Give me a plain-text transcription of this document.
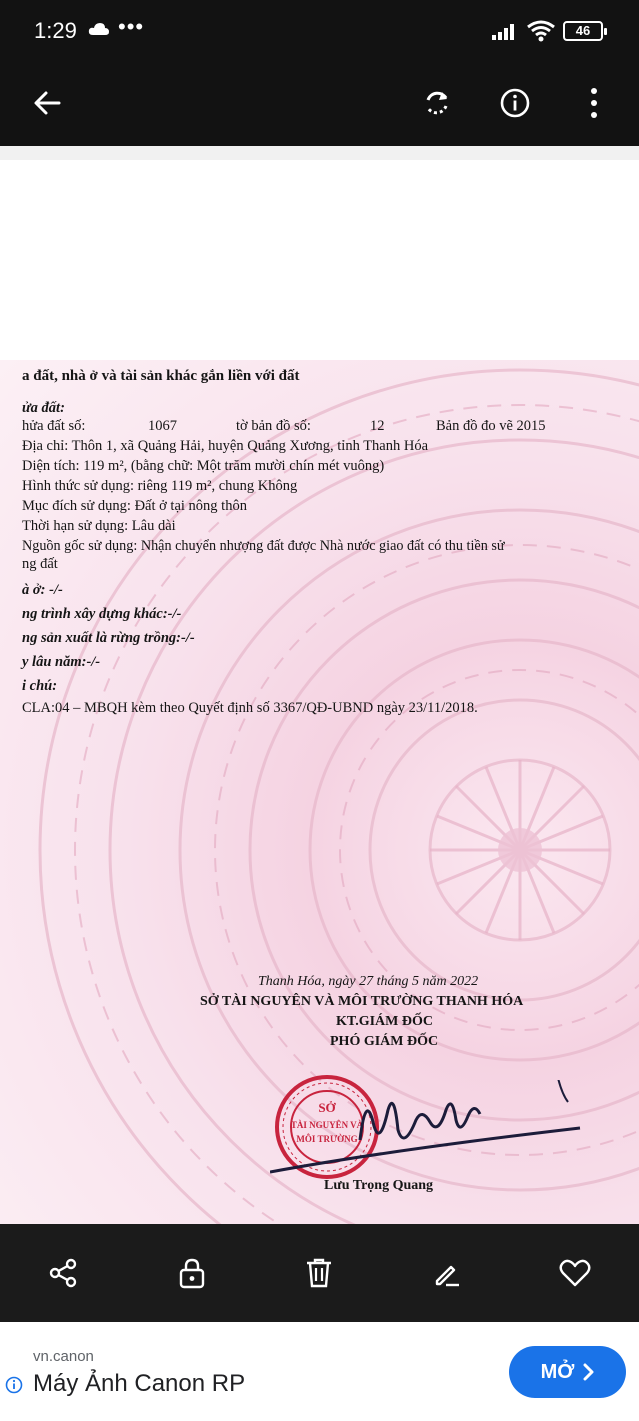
1:29 •••	46
a đất, nhà ở và tài sản khác gắn liền với đất
ửa đất:
hửa đất số:	1067	tờ bản đồ số:	12	Bản đồ đo vẽ 2015
Địa chỉ: Thôn 1, xã Quảng Hải, huyện Quảng Xương, tỉnh Thanh Hóa
Diện tích: 119 m², (bằng chữ: Một trăm mười chín mét vuông)
Hình thức sử dụng: riêng 119 m², chung Không
Mục đích sử dụng: Đất ở tại nông thôn
Thời hạn sử dụng: Lâu dài
Nguồn gốc sử dụng: Nhận chuyển nhượng đất được Nhà nước giao đất có thu tiền sử
ng đất
à ở: -/-
ng trình xây dựng khác:-/-
ng sản xuất là rừng trồng:-/-
y lâu năm:-/-
i chú:
CLA:04 – MBQH kèm theo Quyết định số 3367/QĐ-UBND ngày 23/11/2018.
Thanh Hóa, ngày 27 tháng 5 năm 2022
SỞ TÀI NGUYÊN VÀ MÔI TRƯỜNG THANH HÓA
KT.GIÁM ĐỐC
PHÓ GIÁM ĐỐC
SỞ
TÀI NGUYÊN VÀ
MÔI TRƯỜNG
Lưu Trọng Quang
vn.canon
Máy Ảnh Canon RP	MỞ
